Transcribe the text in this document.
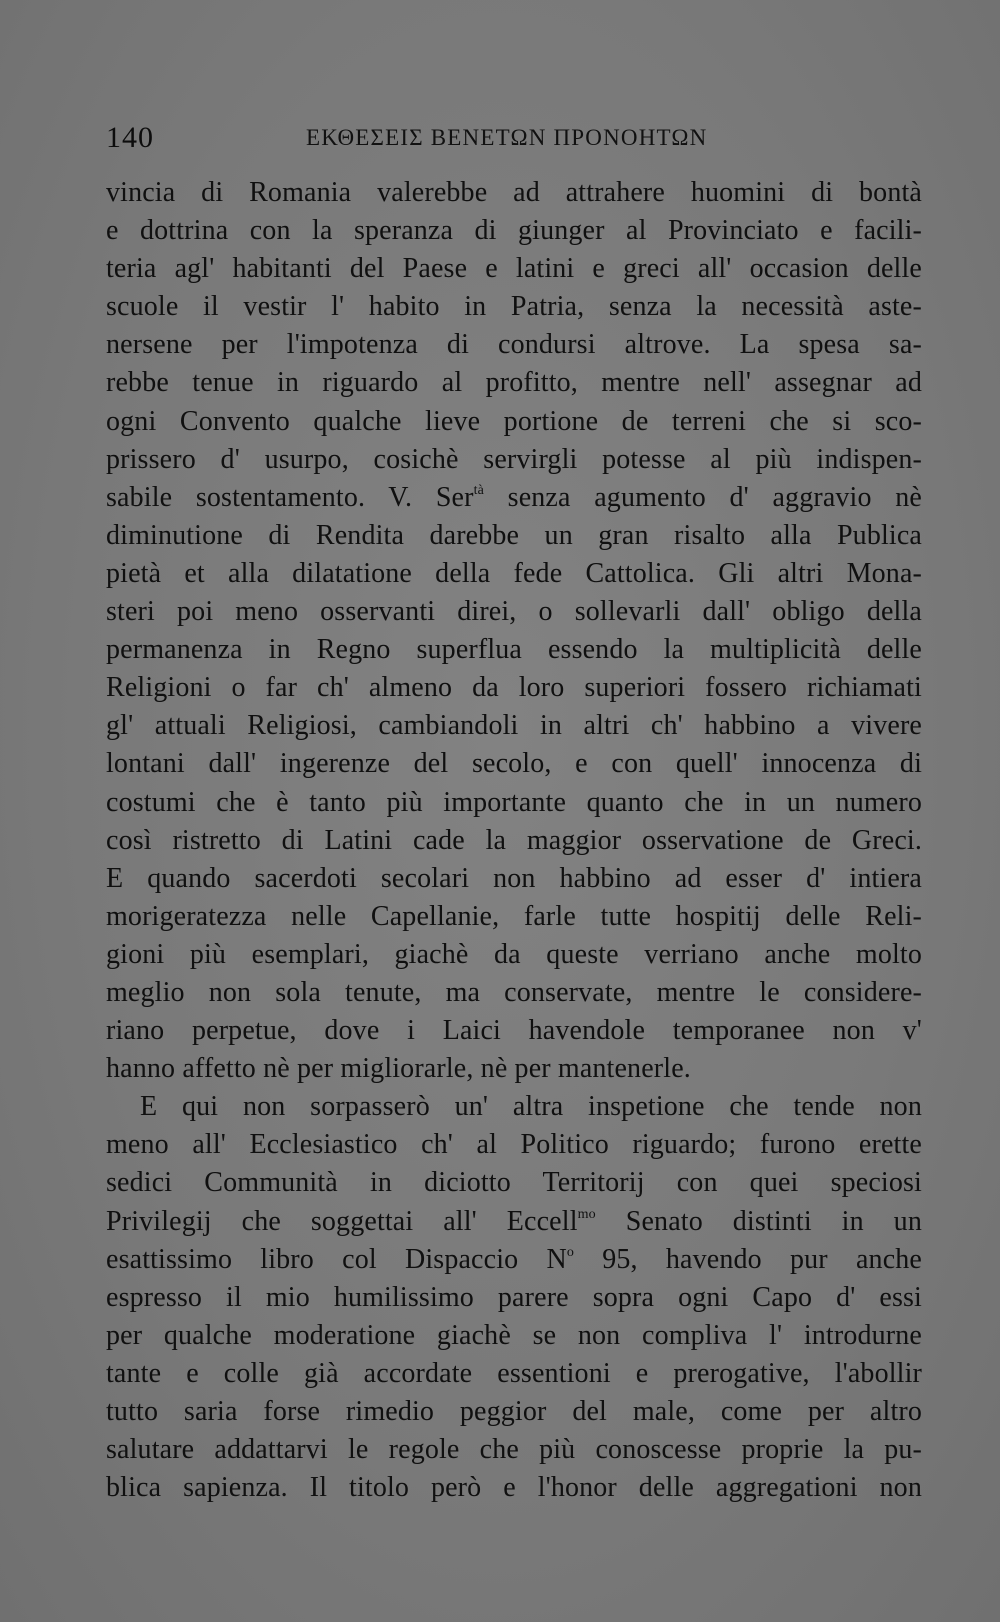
140	ΕΚΘΕΣΕΙΣ ΒΕΝΕΤΩΝ ΠΡΟΝΟΗΤΩΝ
vincia di Romania valerebbe ad attrahere huomini di bontà
e dottrina con la speranza di giunger al Provinciato e facili-
teria agl' habitanti del Paese e latini e greci all' occasion delle
scuole il vestir l' habito in Patria, senza la necessità aste-
nersene per l'impotenza di condursi altrove. La spesa sa-
rebbe tenue in riguardo al profitto, mentre nell' assegnar ad
ogni Convento qualche lieve portione de terreni che si sco-
prissero d' usurpo, cosichè servirgli potesse al più indispen-
sabile sostentamento. V. Ser$^{tà}$ senza agumento d' aggravio nè
diminutione di Rendita darebbe un gran risalto alla Publica
pietà et alla dilatatione della fede Cattolica. Gli altri Mona-
steri poi meno osservanti direi, o sollevarli dall' obligo della
permanenza in Regno superflua essendo la multiplicità delle
Religioni o far ch' almeno da loro superiori fossero richiamati
gl' attuali Religiosi, cambiandoli in altri ch' habbino a vivere
lontani dall' ingerenze del secolo, e con quell' innocenza di
costumi che è tanto più importante quanto che in un numero
così ristretto di Latini cade la maggior osservatione de Greci.
E quando sacerdoti secolari non habbino ad esser d' intiera
morigeratezza nelle Capellanie, farle tutte hospitij delle Reli-
gioni più esemplari, giachè da queste verriano anche molto
meglio non sola tenute, ma conservate, mentre le considere-
riano perpetue, dove i Laici havendole temporanee non v'
hanno affetto nè per migliorarle, nè per mantenerle.
E qui non sorpasserò un' altra inspetione che tende non
meno all' Ecclesiastico ch' al Politico riguardo; furono erette
sedici Communità in diciotto Territorij con quei speciosi
Privilegij che soggettai all' Eccell$^{mo}$ Senato distinti in un
esattissimo libro col Dispaccio $N^o$ 95, havendo pur anche
espresso il mio humilissimo parere sopra ogni Capo d' essi
per qualche moderatione giachè se non compliva l' introdurne
tante e colle già accordate essentioni e prerogative, l'abollir
tutto saria forse rimedio peggior del male, come per altro
salutare addattarvi le regole che più conoscesse proprie la pu-
blica sapienza. Il titolo però e l'honor delle aggregationi non
